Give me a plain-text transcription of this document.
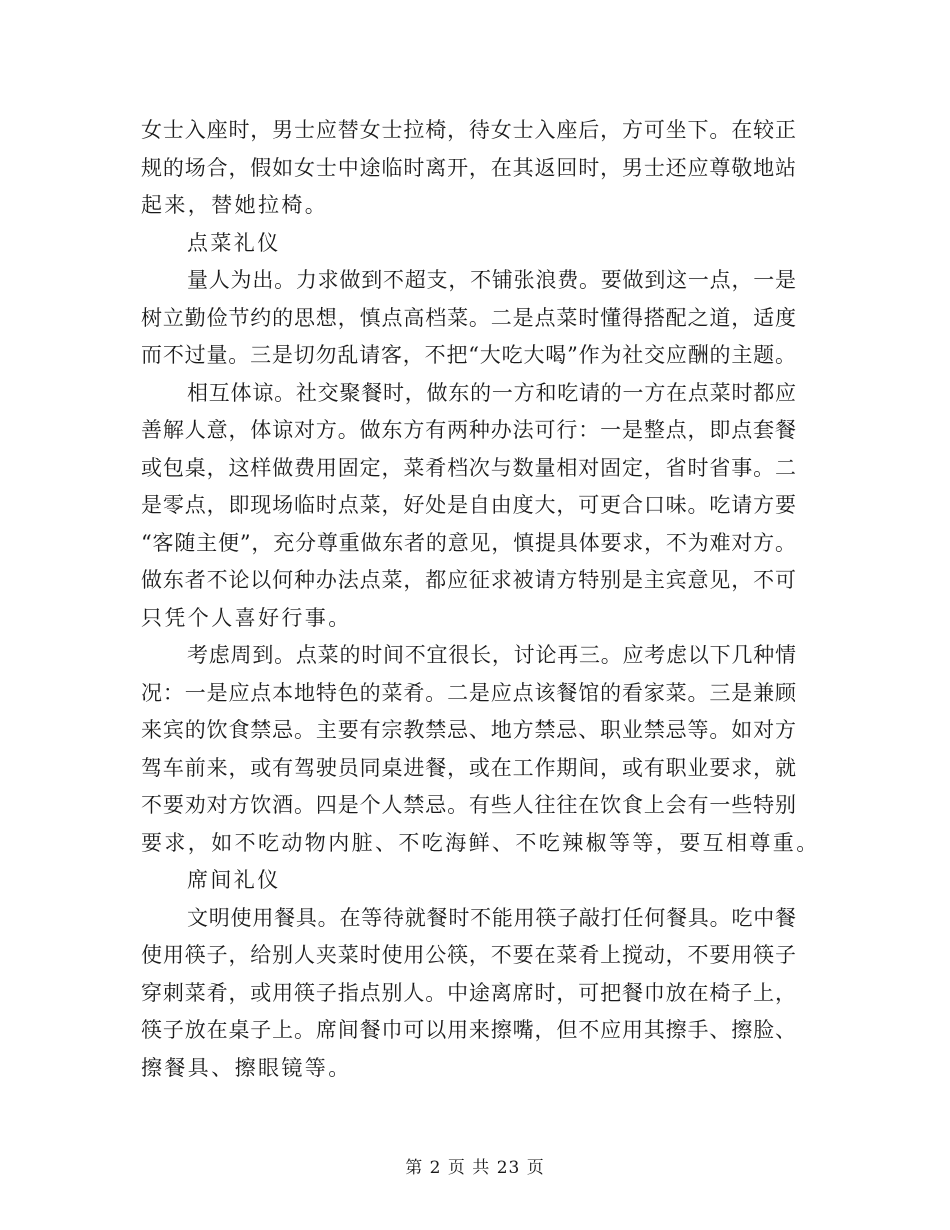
女士入座时，男士应替女士拉椅，待女士入座后，方可坐下。在较正
规的场合，假如女士中途临时离开，在其返回时，男士还应尊敬地站
起来，替她拉椅。
点菜礼仪
量人为出。力求做到不超支，不铺张浪费。要做到这一点，一是
树立勤俭节约的思想，慎点高档菜。二是点菜时懂得搭配之道，适度
而不过量。三是切勿乱请客，不把“大吃大喝”作为社交应酬的主题。
相互体谅。社交聚餐时，做东的一方和吃请的一方在点菜时都应
善解人意，体谅对方。做东方有两种办法可行：一是整点，即点套餐
或包桌，这样做费用固定，菜肴档次与数量相对固定，省时省事。二
是零点，即现场临时点菜，好处是自由度大，可更合口味。吃请方要
“客随主便”，充分尊重做东者的意见，慎提具体要求，不为难对方。
做东者不论以何种办法点菜，都应征求被请方特别是主宾意见，不可
只凭个人喜好行事。
考虑周到。点菜的时间不宜很长，讨论再三。应考虑以下几种情
况：一是应点本地特色的菜肴。二是应点该餐馆的看家菜。三是兼顾
来宾的饮食禁忌。主要有宗教禁忌、地方禁忌、职业禁忌等。如对方
驾车前来，或有驾驶员同桌进餐，或在工作期间，或有职业要求，就
不要劝对方饮酒。四是个人禁忌。有些人往往在饮食上会有一些特别
要求，如不吃动物内脏、不吃海鲜、不吃辣椒等等，要互相尊重。
席间礼仪
文明使用餐具。在等待就餐时不能用筷子敲打任何餐具。吃中餐
使用筷子，给别人夹菜时使用公筷，不要在菜肴上搅动，不要用筷子
穿刺菜肴，或用筷子指点别人。中途离席时，可把餐巾放在椅子上，
筷子放在桌子上。席间餐巾可以用来擦嘴，但不应用其擦手、擦脸、
擦餐具、擦眼镜等。
第 2 页 共 23 页
